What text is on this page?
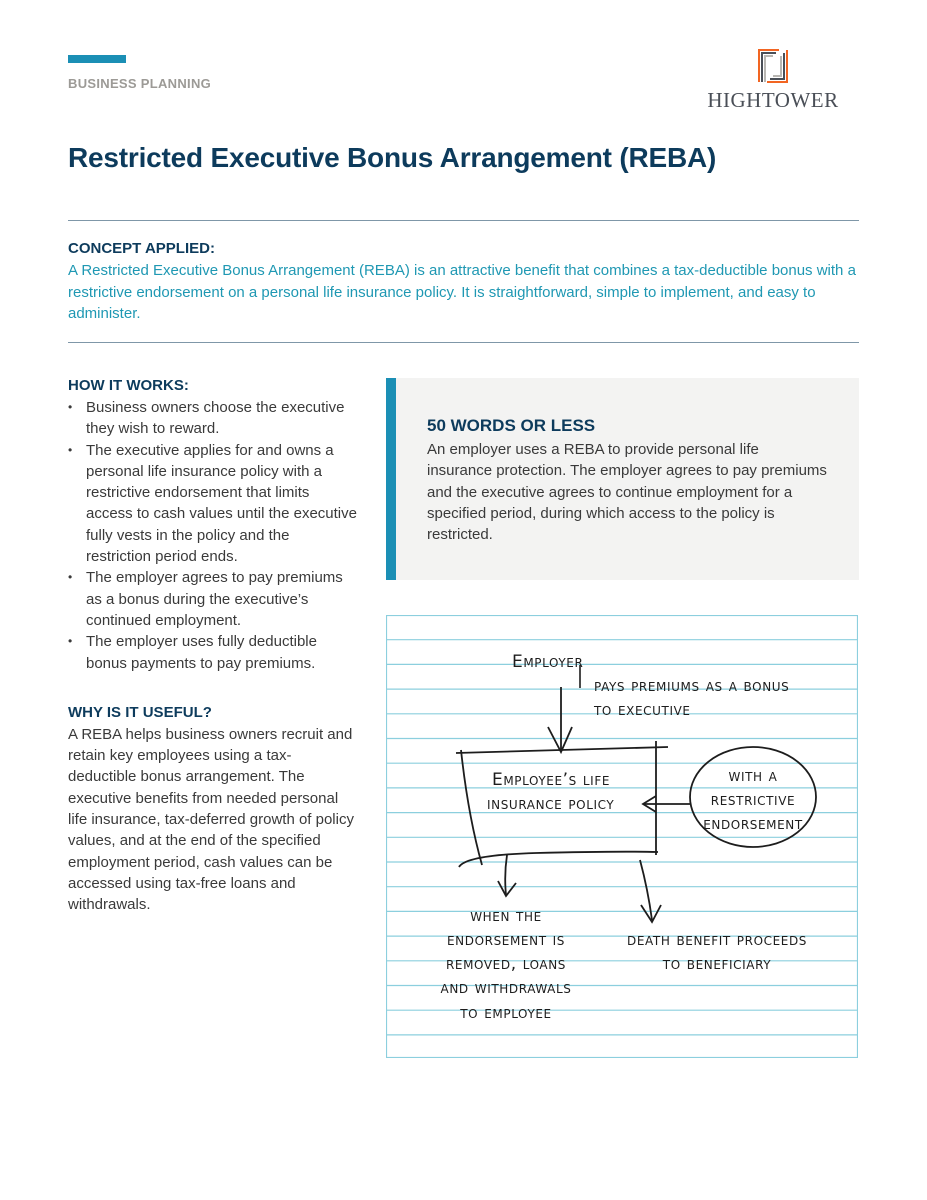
BUSINESS PLANNING
HIGHTOWER
Restricted Executive Bonus Arrangement (REBA)
CONCEPT APPLIED:
A Restricted Executive Bonus Arrangement (REBA) is an attractive benefit that combines a tax-deductible bonus with a restrictive endorsement on a personal life insurance policy. It is straightforward, simple to implement, and easy to administer.
HOW IT WORKS:
• Business owners choose the executive they wish to reward.
• The executive applies for and owns a personal life insurance policy with a restrictive endorsement that limits access to cash values until the executive fully vests in the policy and the restriction period ends.
• The employer agrees to pay premiums as a bonus during the executive’s continued employment.
• The employer uses fully deductible bonus payments to pay premiums.
WHY IS IT USEFUL?

A REBA helps business owners recruit and retain key employees using a tax-deductible bonus arrangement. The executive benefits from needed personal life insurance, tax-deferred growth of policy values, and at the end of the specified employment period, cash values can be accessed using tax-free loans and withdrawals.

50 WORDS OR LESS

An employer uses a REBA to provide personal life insurance protection. The employer agrees to pay premiums and the executive agrees to continue employment for a specified period, during which access to the policy is restricted.

Employer
pays premiums as a bonus
to executive
Employee’s life
insurance policy
with a
restrictive
endorsement
when the
endorsement is
removed, loans
and withdrawals
to employee
death benefit proceeds
to beneficiary
